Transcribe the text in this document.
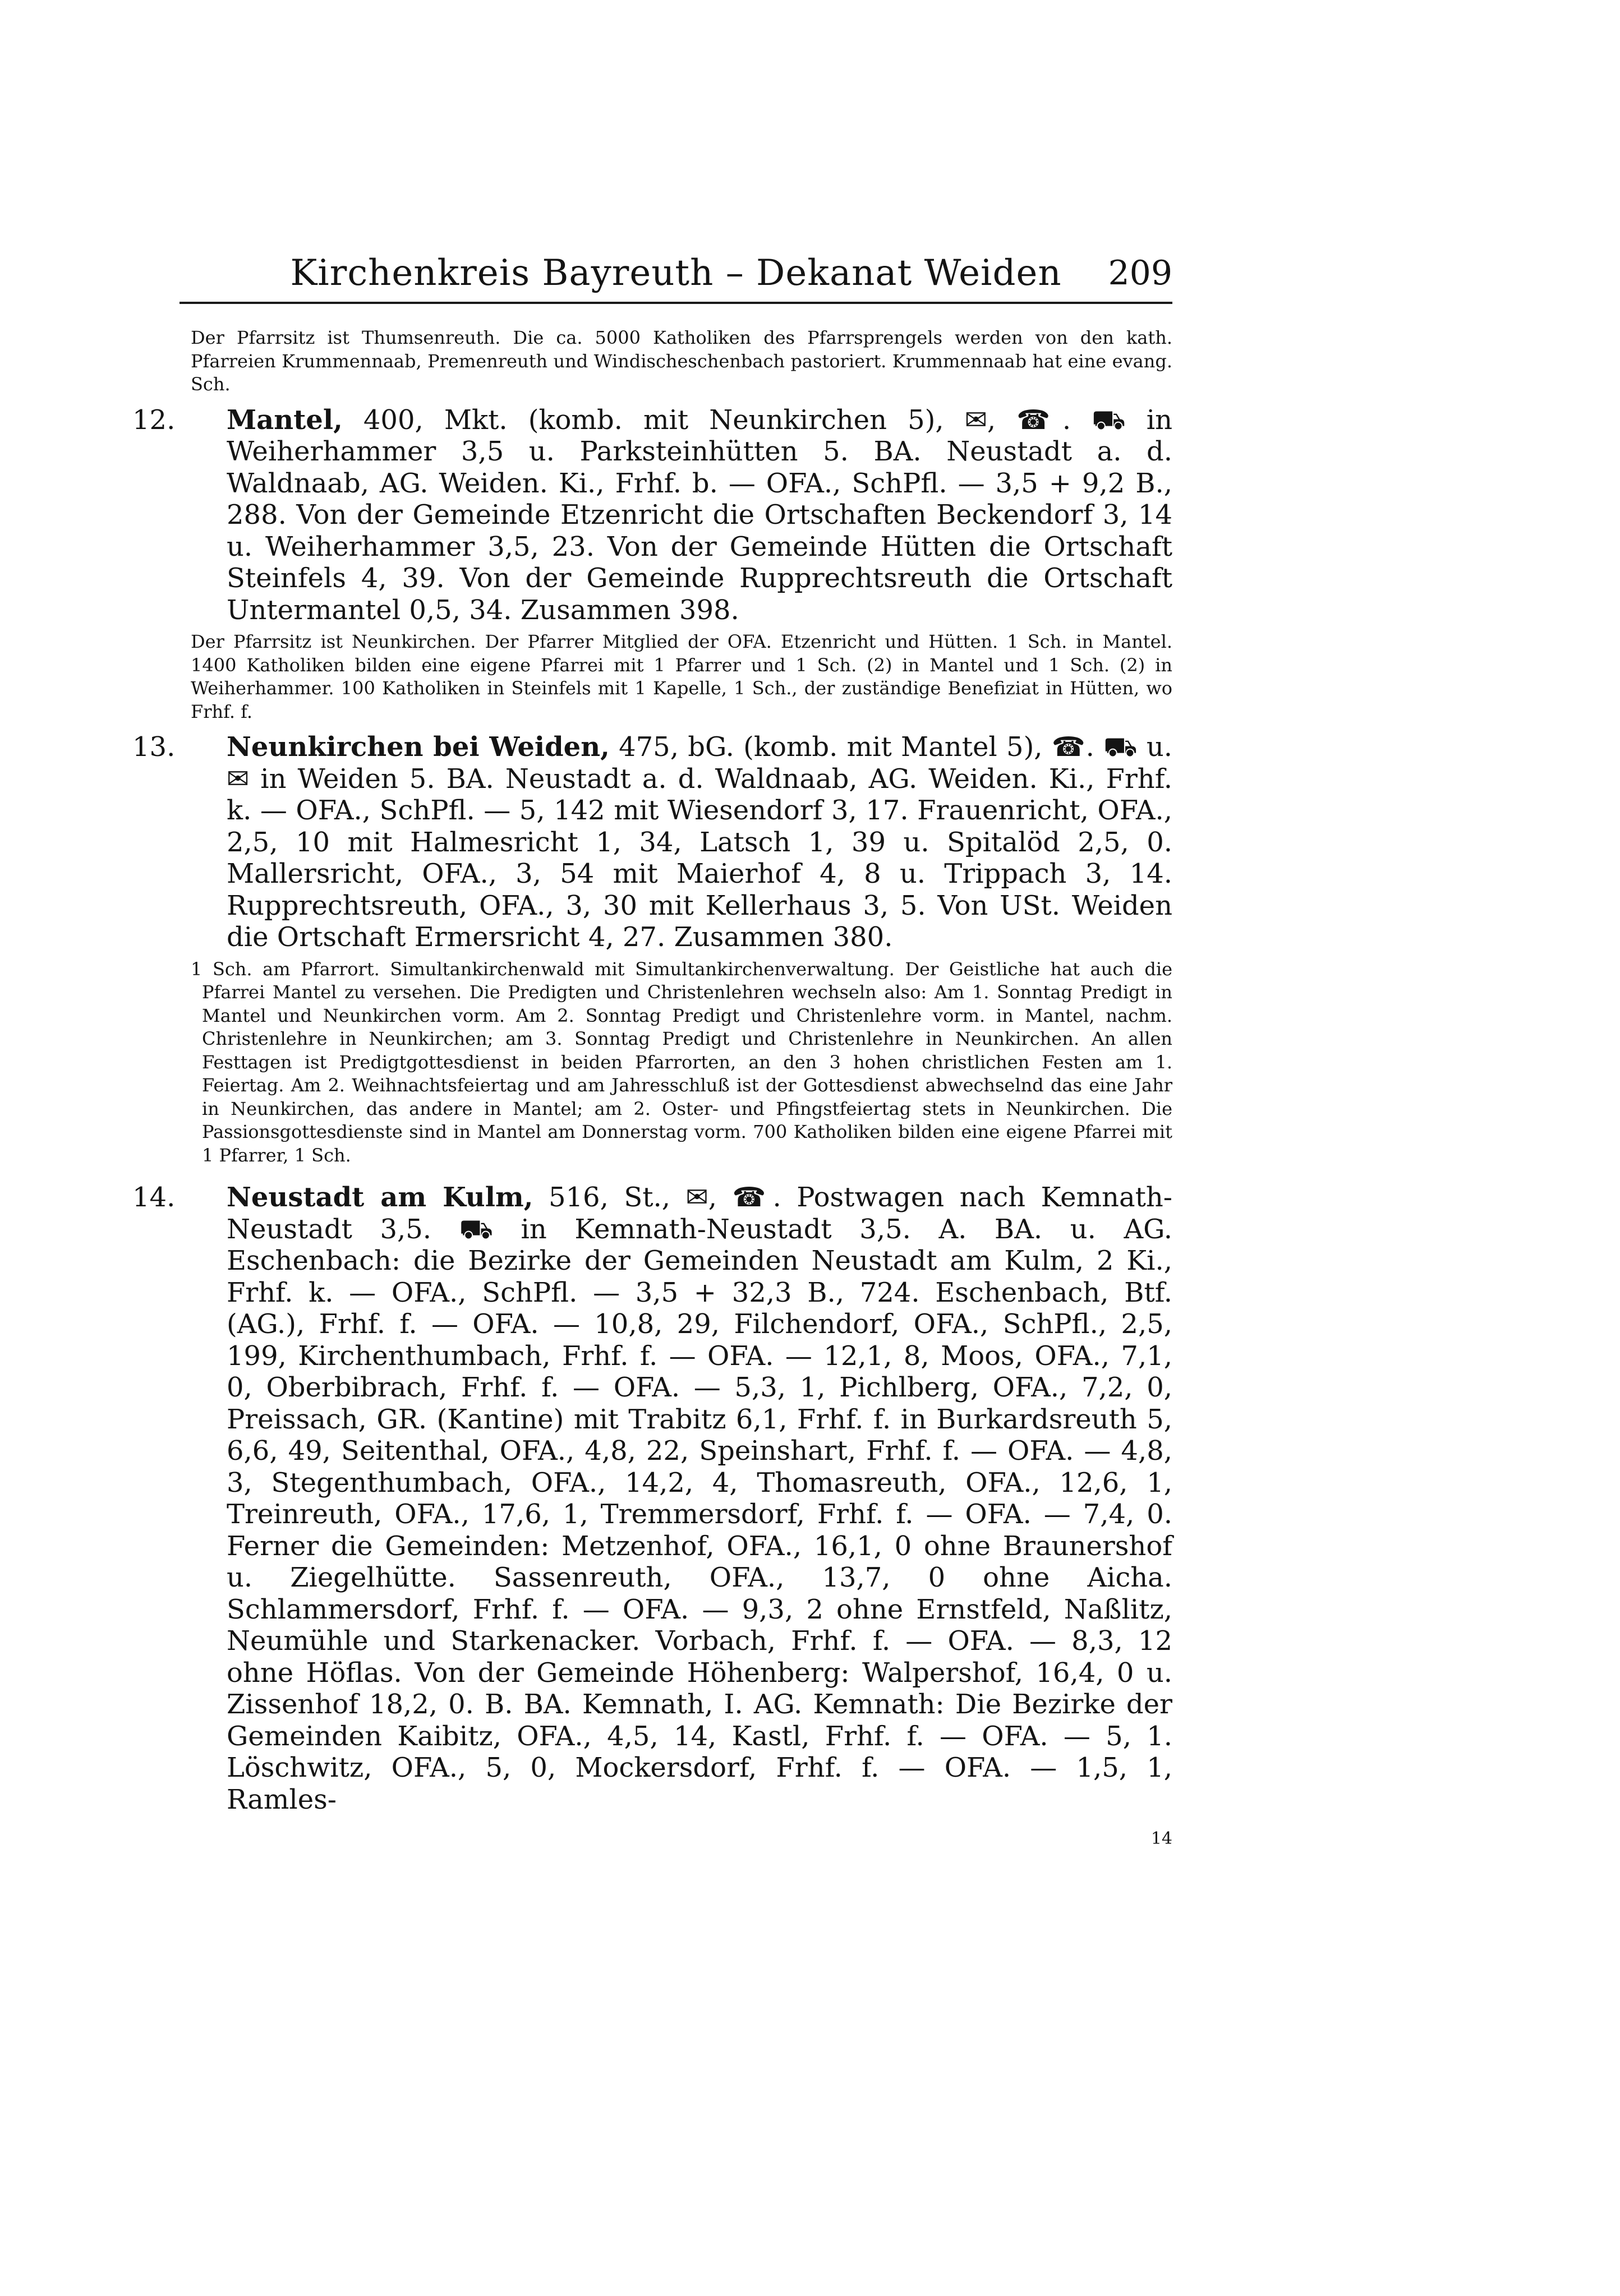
Kirchenkreis Bayreuth – Dekanat Weiden	209

Der Pfarrsitz ist Thumsenreuth. Die ca. 5000 Katholiken des Pfarrsprengels werden von den kath. Pfarreien Krummennaab, Premenreuth und Windischeschenbach pastoriert. Krummennaab hat eine evang. Sch.

12. Mantel, 400, Mkt. (komb. mit Neunkirchen 5), ✉, ☎. ⛟ in Weiherhammer 3,5 u. Parksteinhütten 5. BA. Neustadt a. d. Waldnaab, AG. Weiden. Ki., Frhf. b. — OFA., SchPfl. — 3,5 + 9,2 B., 288. Von der Gemeinde Etzenricht die Ortschaften Beckendorf 3, 14 u. Weiherhammer 3,5, 23. Von der Gemeinde Hütten die Ortschaft Steinfels 4, 39. Von der Gemeinde Rupprechtsreuth die Ortschaft Untermantel 0,5, 34. Zusammen 398.

Der Pfarrsitz ist Neunkirchen. Der Pfarrer Mitglied der OFA. Etzenricht und Hütten. 1 Sch. in Mantel. 1400 Katholiken bilden eine eigene Pfarrei mit 1 Pfarrer und 1 Sch. (2) in Mantel und 1 Sch. (2) in Weiherhammer. 100 Katholiken in Steinfels mit 1 Kapelle, 1 Sch., der zuständige Benefiziat in Hütten, wo Frhf. f.

13. Neunkirchen bei Weiden, 475, bG. (komb. mit Mantel 5), ☎. ⛟ u. ✉ in Weiden 5. BA. Neustadt a. d. Waldnaab, AG. Weiden. Ki., Frhf. k. — OFA., SchPfl. — 5, 142 mit Wiesendorf 3, 17. Frauenricht, OFA., 2,5, 10 mit Halmesricht 1, 34, Latsch 1, 39 u. Spitalöd 2,5, 0. Mallersricht, OFA., 3, 54 mit Maierhof 4, 8 u. Trippach 3, 14. Rupprechtsreuth, OFA., 3, 30 mit Kellerhaus 3, 5. Von USt. Weiden die Ortschaft Ermersricht 4, 27. Zusammen 380.

1 Sch. am Pfarrort. Simultankirchenwald mit Simultankirchenverwaltung. Der Geistliche hat auch die Pfarrei Mantel zu versehen. Die Predigten und Christenlehren wechseln also: Am 1. Sonntag Predigt in Mantel und Neunkirchen vorm. Am 2. Sonntag Predigt und Christenlehre vorm. in Mantel, nachm. Christenlehre in Neunkirchen; am 3. Sonntag Predigt und Christenlehre in Neunkirchen. An allen Festtagen ist Predigtgottesdienst in beiden Pfarrorten, an den 3 hohen christlichen Festen am 1. Feiertag. Am 2. Weihnachtsfeiertag und am Jahresschluß ist der Gottesdienst abwechselnd das eine Jahr in Neunkirchen, das andere in Mantel; am 2. Oster- und Pfingstfeiertag stets in Neunkirchen. Die Passionsgottesdienste sind in Mantel am Donnerstag vorm. 700 Katholiken bilden eine eigene Pfarrei mit 1 Pfarrer, 1 Sch.

14. Neustadt am Kulm, 516, St., ✉, ☎. Postwagen nach Kemnath-Neustadt 3,5. ⛟ in Kemnath-Neustadt 3,5. A. BA. u. AG. Eschenbach: die Bezirke der Gemeinden Neustadt am Kulm, 2 Ki., Frhf. k. — OFA., SchPfl. — 3,5 + 32,3 B., 724. Eschenbach, Btf. (AG.), Frhf. f. — OFA. — 10,8, 29, Filchendorf, OFA., SchPfl., 2,5, 199, Kirchenthumbach, Frhf. f. — OFA. — 12,1, 8, Moos, OFA., 7,1, 0, Oberbibrach, Frhf. f. — OFA. — 5,3, 1, Pichlberg, OFA., 7,2, 0, Preissach, GR. (Kantine) mit Trabitz 6,1, Frhf. f. in Burkardsreuth 5, 6,6, 49, Seitenthal, OFA., 4,8, 22, Speinshart, Frhf. f. — OFA. — 4,8, 3, Stegenthumbach, OFA., 14,2, 4, Thomasreuth, OFA., 12,6, 1, Treinreuth, OFA., 17,6, 1, Tremmersdorf, Frhf. f. — OFA. — 7,4, 0. Ferner die Gemeinden: Metzenhof, OFA., 16,1, 0 ohne Braunershof u. Ziegelhütte. Sassenreuth, OFA., 13,7, 0 ohne Aicha. Schlammersdorf, Frhf. f. — OFA. — 9,3, 2 ohne Ernstfeld, Naßlitz, Neumühle und Starkenacker. Vorbach, Frhf. f. — OFA. — 8,3, 12 ohne Höflas. Von der Gemeinde Höhenberg: Walpershof, 16,4, 0 u. Zissenhof 18,2, 0. B. BA. Kemnath, I. AG. Kemnath: Die Bezirke der Gemeinden Kaibitz, OFA., 4,5, 14, Kastl, Frhf. f. — OFA. — 5, 1. Löschwitz, OFA., 5, 0, Mockersdorf, Frhf. f. — OFA. — 1,5, 1, Ramles-
14
